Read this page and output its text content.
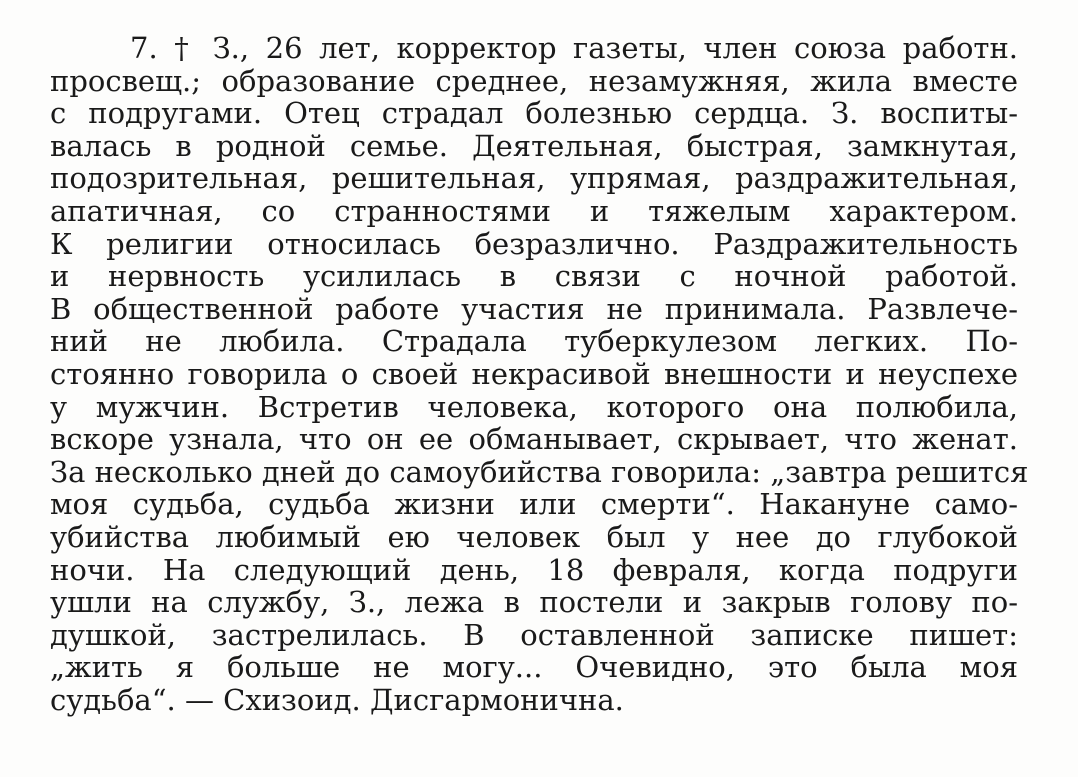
7. † З., 26 лет, корректор газеты, член союза работн.
просвещ.; образование среднее, незамужняя, жила вместе
с подругами. Отец страдал болезнью сердца. З. воспиты-
валась в родной семье. Деятельная, быстрая, замкнутая,
подозрительная, решительная, упрямая, раздражительная,
апатичная, со странностями и тяжелым характером.
К религии относилась безразлично. Раздражительность
и нервность усилилась в связи с ночной работой.
В общественной работе участия не принимала. Развлече-
ний не любила. Страдала туберкулезом легких. По-
стоянно говорила о своей некрасивой внешности и неуспехе
у мужчин. Встретив человека, которого она полюбила,
вскоре узнала, что он ее обманывает, скрывает, что женат.
За несколько дней до самоубийства говорила: „завтра решится
моя судьба, судьба жизни или смерти“. Накануне само-
убийства любимый ею человек был у нее до глубокой
ночи. На следующий день, 18 февраля, когда подруги
ушли на службу, З., лежа в постели и закрыв голову по-
душкой, застрелилась. В оставленной записке пишет:
„жить я больше не могу... Очевидно, это была моя
судьба“. — Схизоид. Дисгармонична.
